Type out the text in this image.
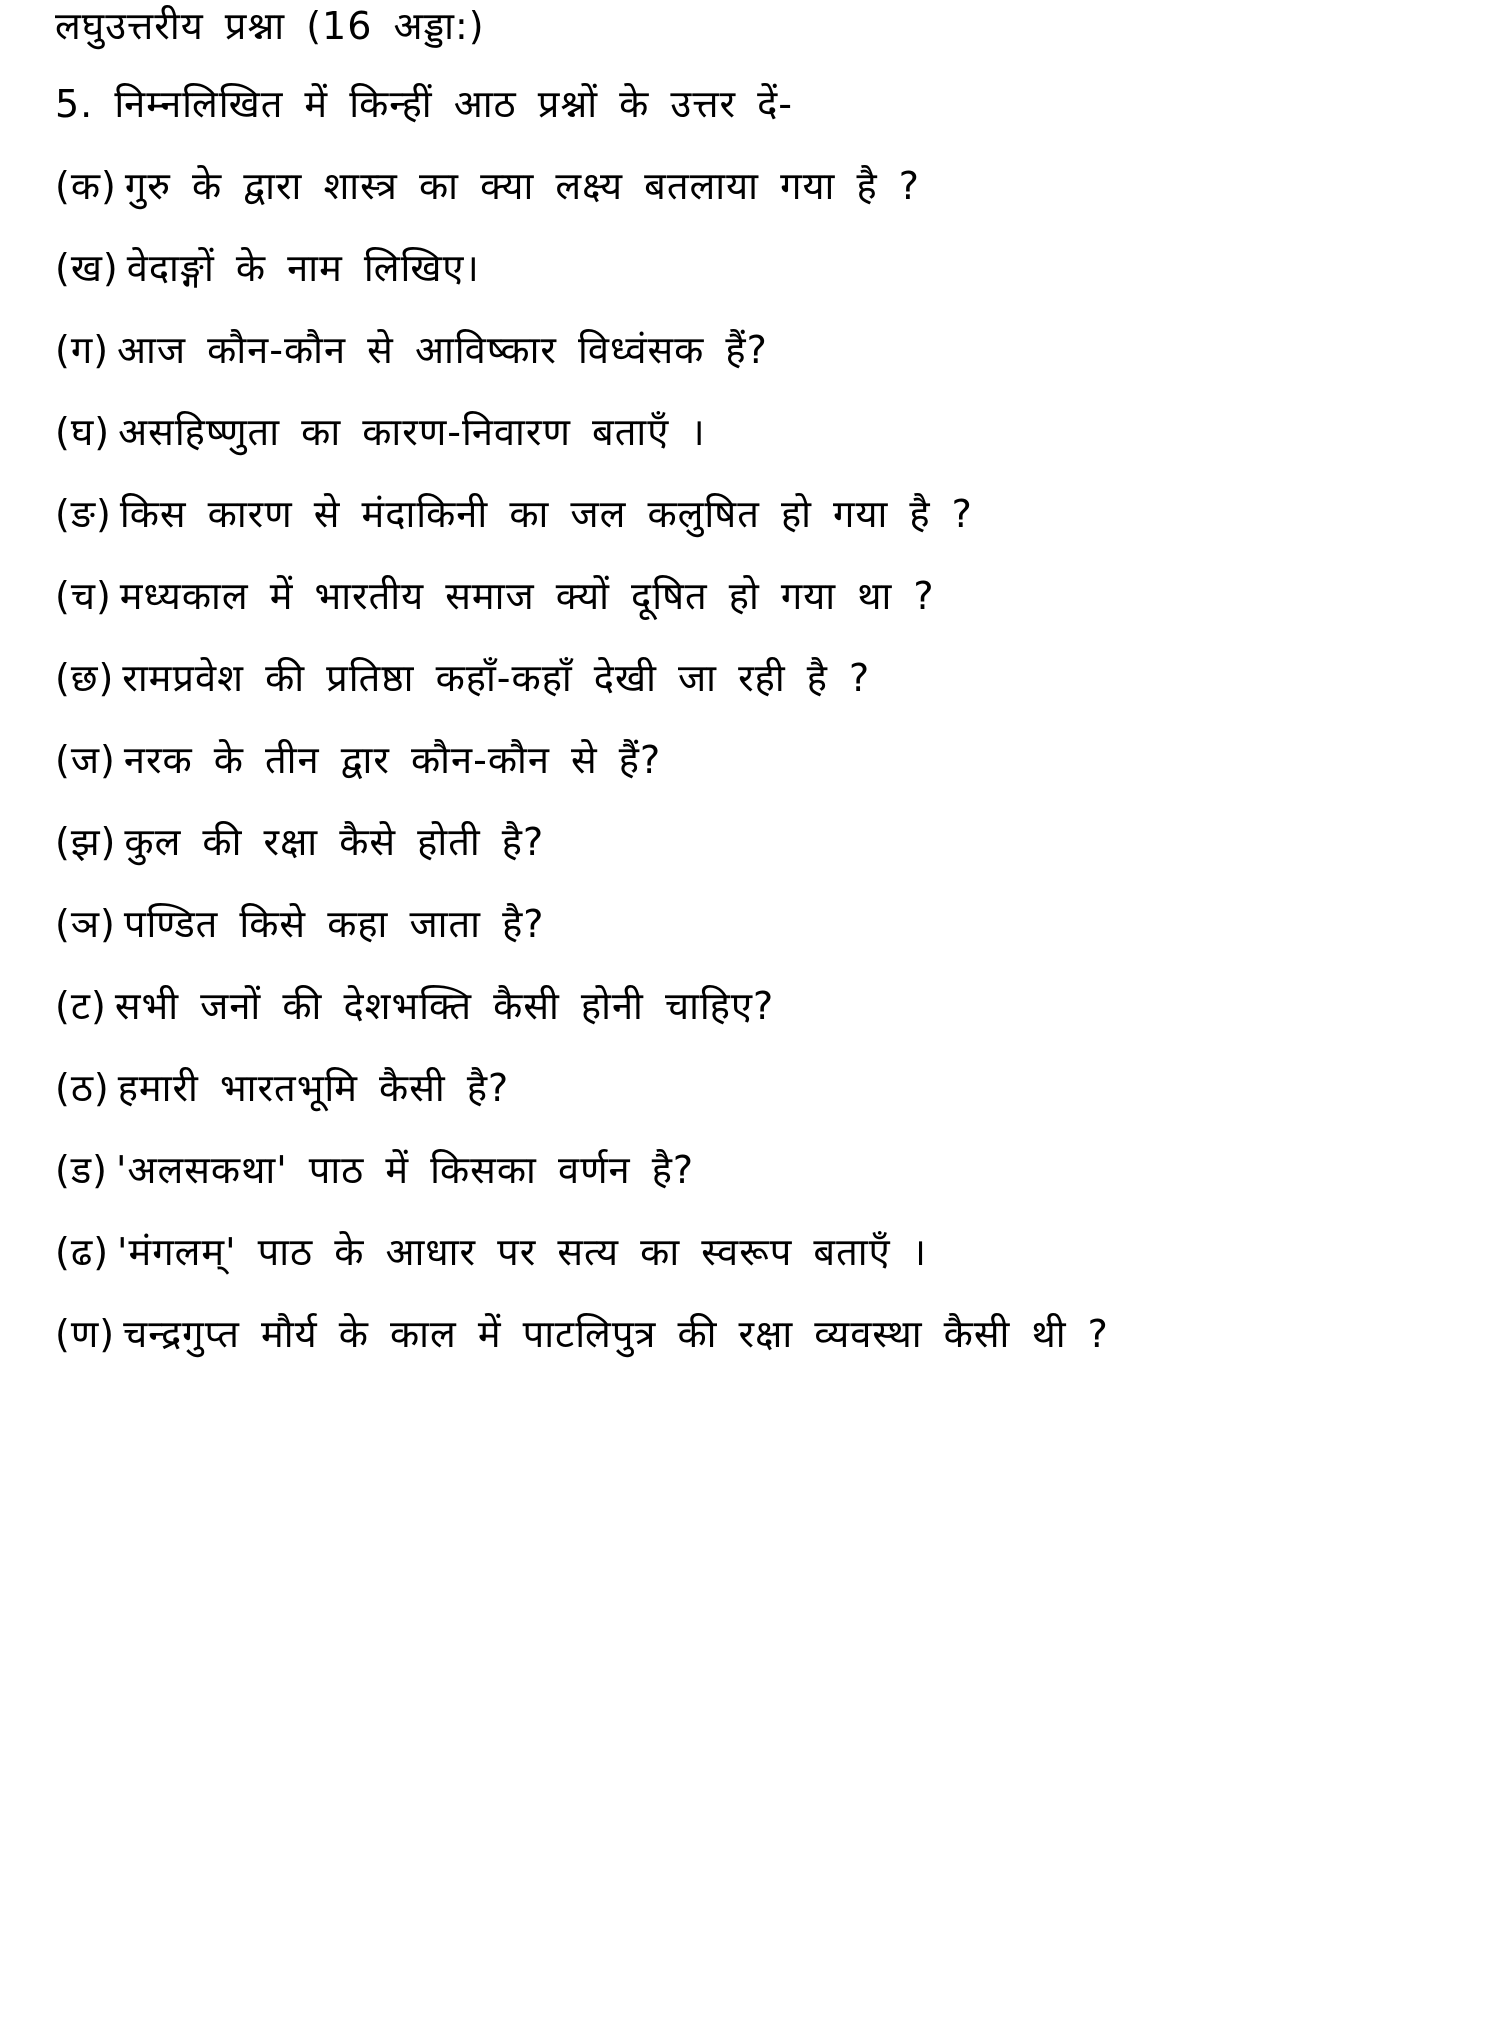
लघुउत्तरीय प्रश्ना (16 अड्डा:)
5. निम्नलिखित में किन्हीं आठ प्रश्नों के उत्तर दें-
(क) गुरु के द्वारा शास्त्र का क्या लक्ष्य बतलाया गया है ?
(ख) वेदाङ्गों के नाम लिखिए।
(ग) आज कौन-कौन से आविष्कार विध्वंसक हैं?
(घ) असहिष्णुता का कारण-निवारण बताएँ ।
(ङ) किस कारण से मंदाकिनी का जल कलुषित हो गया है ?
(च) मध्यकाल में भारतीय समाज क्यों दूषित हो गया था ?
(छ) रामप्रवेश की प्रतिष्ठा कहाँ-कहाँ देखी जा रही है ?
(ज) नरक के तीन द्वार कौन-कौन से हैं?
(झ) कुल की रक्षा कैसे होती है?
(ञ) पण्डित किसे कहा जाता है?
(ट) सभी जनों की देशभक्ति कैसी होनी चाहिए?
(ठ) हमारी भारतभूमि कैसी है?
(ड) 'अलसकथा' पाठ में किसका वर्णन है?
(ढ) 'मंगलम्' पाठ के आधार पर सत्य का स्वरूप बताएँ ।
(ण) चन्द्रगुप्त मौर्य के काल में पाटलिपुत्र की रक्षा व्यवस्था कैसी थी ?
